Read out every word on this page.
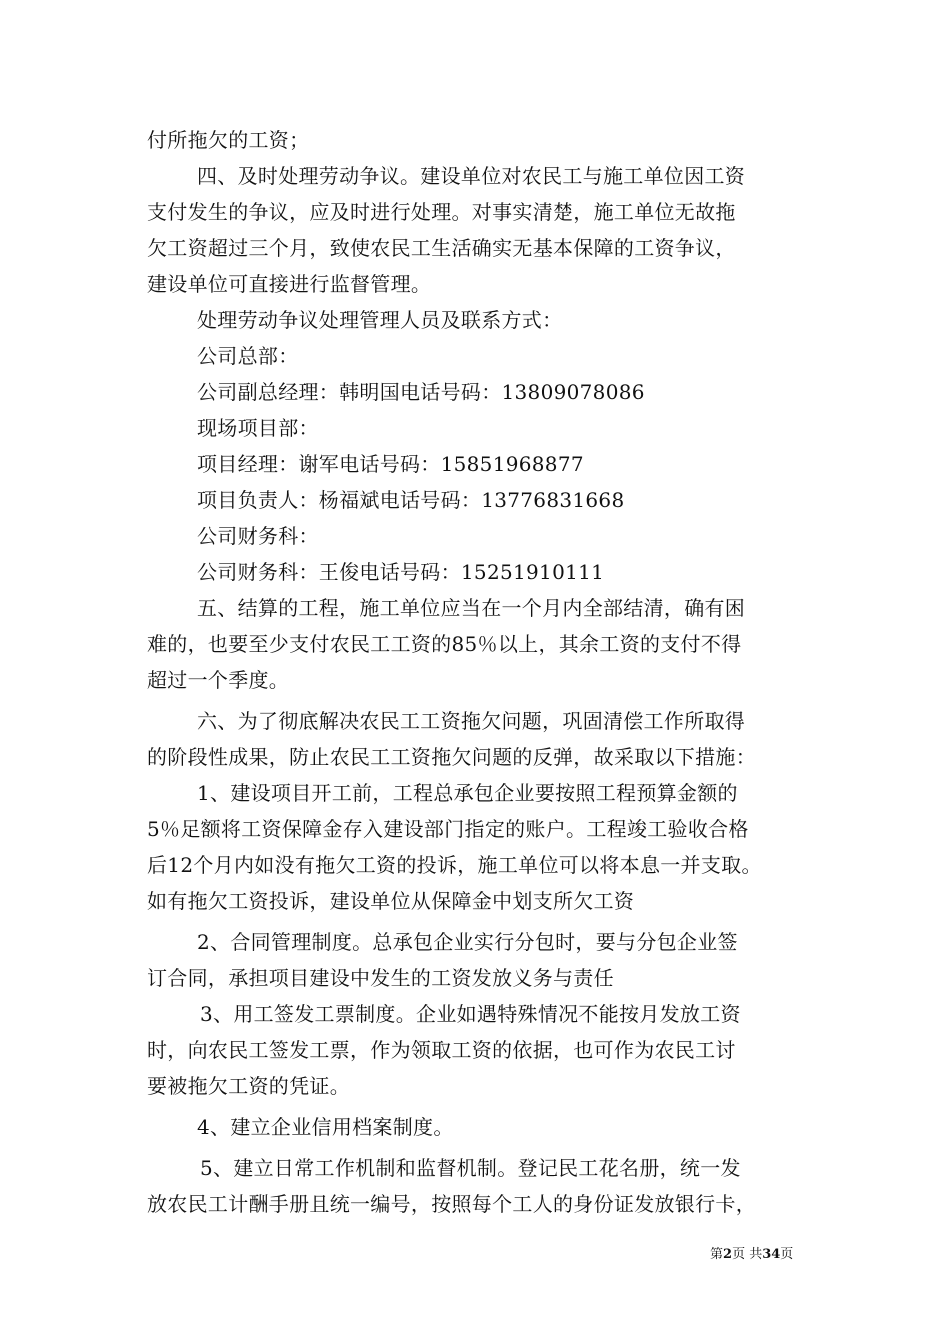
付所拖欠的工资；
四、及时处理劳动争议。建设单位对农民工与施工单位因工资
支付发生的争议，应及时进行处理。对事实清楚，施工单位无故拖
欠工资超过三个月，致使农民工生活确实无基本保障的工资争议，
建设单位可直接进行监督管理。
处理劳动争议处理管理人员及联系方式：
公司总部：
公司副总经理：韩明国电话号码：13809078086
现场项目部：
项目经理：谢军电话号码：15851968877
项目负责人：杨福斌电话号码：13776831668
公司财务科：
公司财务科：王俊电话号码：15251910111
五、结算的工程，施工单位应当在一个月内全部结清，确有困
难的，也要至少支付农民工工资的85％以上，其余工资的支付不得
超过一个季度。
六、为了彻底解决农民工工资拖欠问题，巩固清偿工作所取得
的阶段性成果，防止农民工工资拖欠问题的反弹，故采取以下措施：
1、建设项目开工前，工程总承包企业要按照工程预算金额的
5％足额将工资保障金存入建设部门指定的账户。工程竣工验收合格
后12个月内如没有拖欠工资的投诉，施工单位可以将本息一并支取。
如有拖欠工资投诉，建设单位从保障金中划支所欠工资
2、合同管理制度。总承包企业实行分包时，要与分包企业签
订合同，承担项目建设中发生的工资发放义务与责任
3、用工签发工票制度。企业如遇特殊情况不能按月发放工资
时，向农民工签发工票，作为领取工资的依据，也可作为农民工讨
要被拖欠工资的凭证。
4、建立企业信用档案制度。
5、建立日常工作机制和监督机制。登记民工花名册，统一发
放农民工计酬手册且统一编号，按照每个工人的身份证发放银行卡，
第2页 共34页
